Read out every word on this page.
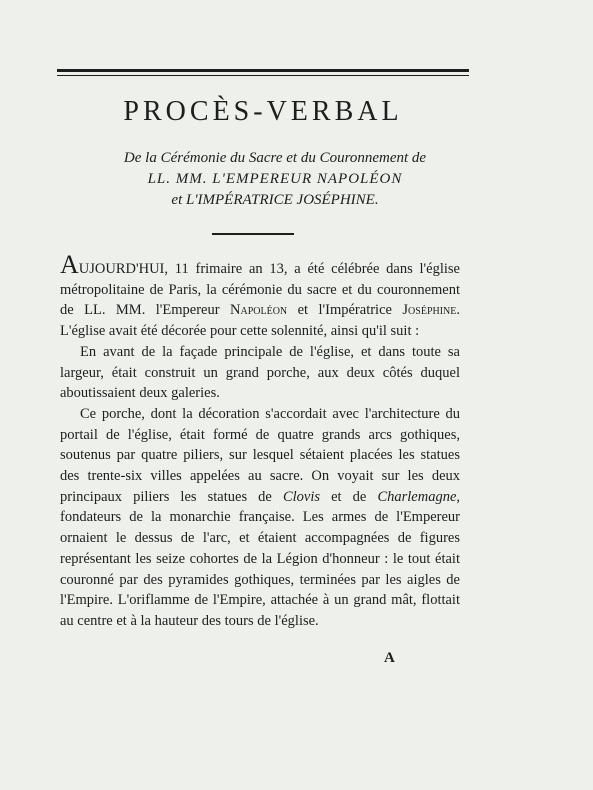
PROCÈS-VERBAL
De la Cérémonie du Sacre et du Couronnement de
LL. MM. L'EMPEREUR NAPOLÉON
et L'IMPÉRATRICE JOSÉPHINE.

AUJOURD'HUI, 11 frimaire an 13, a été célébrée dans l'église métropolitaine de Paris, la cérémonie du sacre et du couronnement de LL. MM. l'Empereur Napoléon et l'Impératrice Joséphine. L'église avait été décorée pour cette solennité, ainsi qu'il suit :

En avant de la façade principale de l'église, et dans toute sa largeur, était construit un grand porche, aux deux côtés duquel aboutissaient deux galeries.

Ce porche, dont la décoration s'accordait avec l'architecture du portail de l'église, était formé de quatre grands arcs gothiques, soutenus par quatre piliers, sur lesquel sétaient placées les statues des trente-six villes appelées au sacre. On voyait sur les deux principaux piliers les statues de Clovis et de Charlemagne, fondateurs de la monarchie française. Les armes de l'Empereur ornaient le dessus de l'arc, et étaient accompagnées de figures représentant les seize cohortes de la Légion d'honneur : le tout était couronné par des pyramides gothiques, terminées par les aigles de l'Empire. L'oriflamme de l'Empire, attachée à un grand mât, flottait au centre et à la hauteur des tours de l'église.

A
